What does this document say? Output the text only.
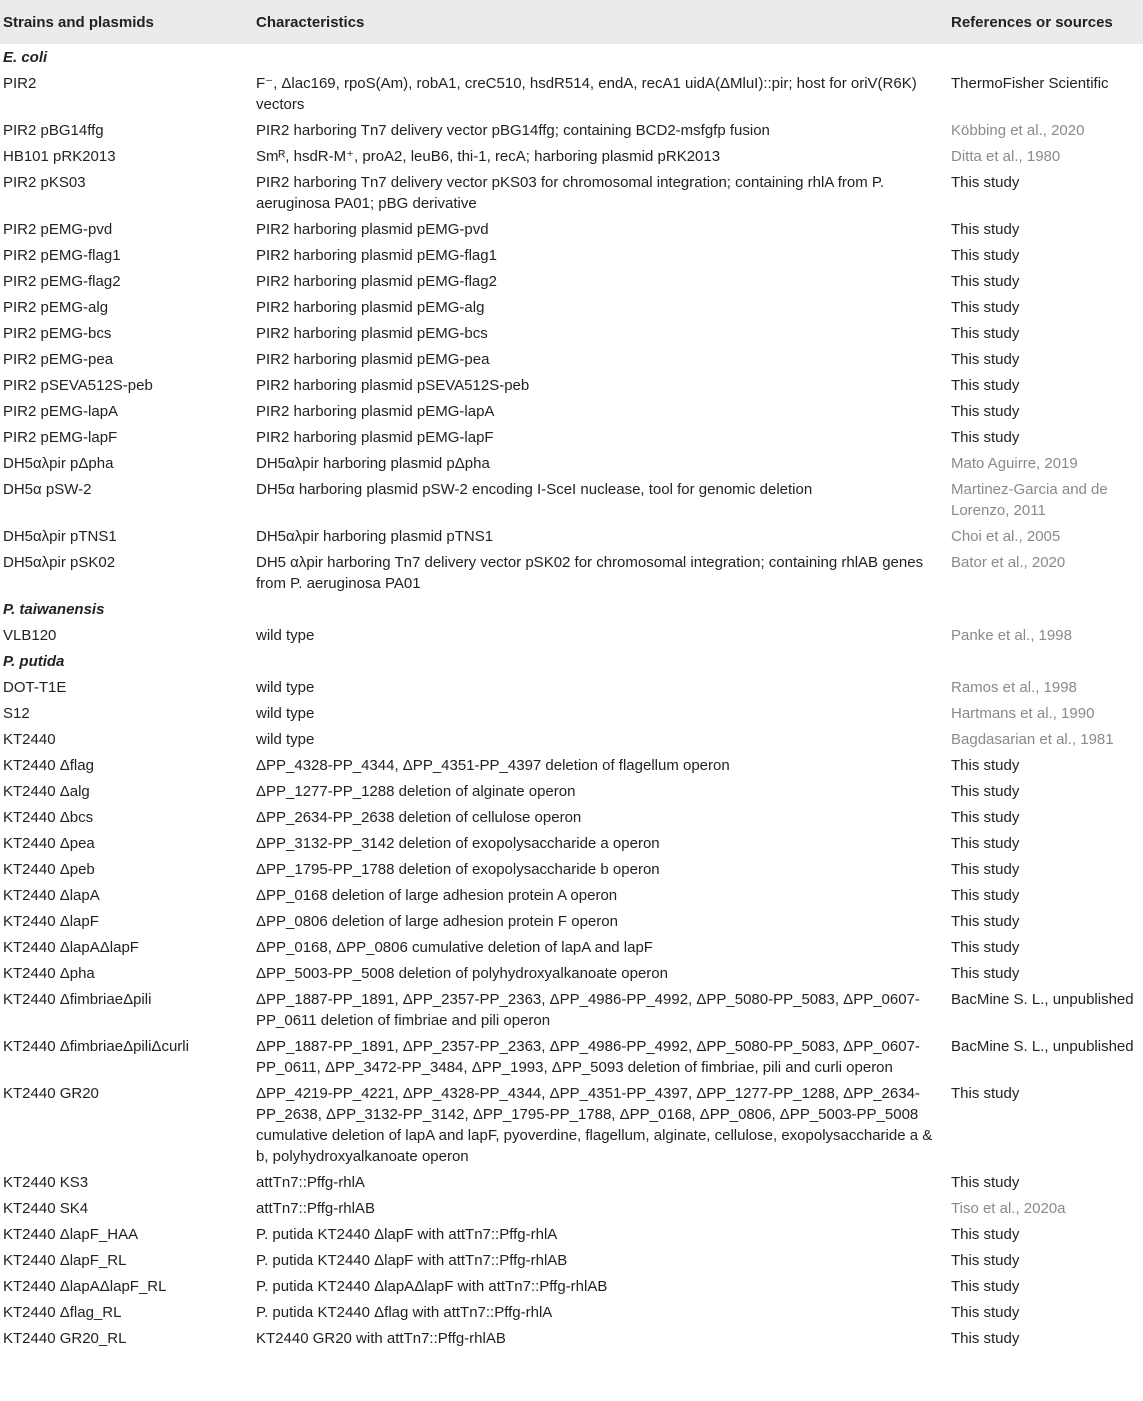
Strains and plasmids	Characteristics	References or sources
E. coli		
PIR2	F⁻, Δlac169, rpoS(Am), robA1, creC510, hsdR514, endA, recA1 uidA(ΔMluI)::pir; host for oriV(R6K) vectors	ThermoFisher Scientific
PIR2 pBG14ffg	PIR2 harboring Tn7 delivery vector pBG14ffg; containing BCD2-msfgfp fusion	Köbbing et al., 2020
HB101 pRK2013	Smᴿ, hsdR-M⁺, proA2, leuB6, thi-1, recA; harboring plasmid pRK2013	Ditta et al., 1980
PIR2 pKS03	PIR2 harboring Tn7 delivery vector pKS03 for chromosomal integration; containing rhlA from P. aeruginosa PA01; pBG derivative	This study
PIR2 pEMG-pvd	PIR2 harboring plasmid pEMG-pvd	This study
PIR2 pEMG-flag1	PIR2 harboring plasmid pEMG-flag1	This study
PIR2 pEMG-flag2	PIR2 harboring plasmid pEMG-flag2	This study
PIR2 pEMG-alg	PIR2 harboring plasmid pEMG-alg	This study
PIR2 pEMG-bcs	PIR2 harboring plasmid pEMG-bcs	This study
PIR2 pEMG-pea	PIR2 harboring plasmid pEMG-pea	This study
PIR2 pSEVA512S-peb	PIR2 harboring plasmid pSEVA512S-peb	This study
PIR2 pEMG-lapA	PIR2 harboring plasmid pEMG-lapA	This study
PIR2 pEMG-lapF	PIR2 harboring plasmid pEMG-lapF	This study
DH5αλpir pΔpha	DH5αλpir harboring plasmid pΔpha	Mato Aguirre, 2019
DH5α pSW-2	DH5α harboring plasmid pSW-2 encoding I-SceI nuclease, tool for genomic deletion	Martinez-Garcia and de Lorenzo, 2011
DH5αλpir pTNS1	DH5αλpir harboring plasmid pTNS1	Choi et al., 2005
DH5αλpir pSK02	DH5 αλpir harboring Tn7 delivery vector pSK02 for chromosomal integration; containing rhlAB genes from P. aeruginosa PA01	Bator et al., 2020
P. taiwanensis		
VLB120	wild type	Panke et al., 1998
P. putida		
DOT-T1E	wild type	Ramos et al., 1998
S12	wild type	Hartmans et al., 1990
KT2440	wild type	Bagdasarian et al., 1981
KT2440 Δflag	ΔPP_4328-PP_4344, ΔPP_4351-PP_4397 deletion of flagellum operon	This study
KT2440 Δalg	ΔPP_1277-PP_1288 deletion of alginate operon	This study
KT2440 Δbcs	ΔPP_2634-PP_2638 deletion of cellulose operon	This study
KT2440 Δpea	ΔPP_3132-PP_3142 deletion of exopolysaccharide a operon	This study
KT2440 Δpeb	ΔPP_1795-PP_1788 deletion of exopolysaccharide b operon	This study
KT2440 ΔlapA	ΔPP_0168 deletion of large adhesion protein A operon	This study
KT2440 ΔlapF	ΔPP_0806 deletion of large adhesion protein F operon	This study
KT2440 ΔlapAΔlapF	ΔPP_0168, ΔPP_0806 cumulative deletion of lapA and lapF	This study
KT2440 Δpha	ΔPP_5003-PP_5008 deletion of polyhydroxyalkanoate operon	This study
KT2440 ΔfimbriaeΔpili	ΔPP_1887-PP_1891, ΔPP_2357-PP_2363, ΔPP_4986-PP_4992, ΔPP_5080-PP_5083, ΔPP_0607-PP_0611 deletion of fimbriae and pili operon	BacMine S. L., unpublished
KT2440 ΔfimbriaeΔpiliΔcurli	ΔPP_1887-PP_1891, ΔPP_2357-PP_2363, ΔPP_4986-PP_4992, ΔPP_5080-PP_5083, ΔPP_0607-PP_0611, ΔPP_3472-PP_3484, ΔPP_1993, ΔPP_5093 deletion of fimbriae, pili and curli operon	BacMine S. L., unpublished
KT2440 GR20	ΔPP_4219-PP_4221, ΔPP_4328-PP_4344, ΔPP_4351-PP_4397, ΔPP_1277-PP_1288, ΔPP_2634-PP_2638, ΔPP_3132-PP_3142, ΔPP_1795-PP_1788, ΔPP_0168, ΔPP_0806, ΔPP_5003-PP_5008 cumulative deletion of lapA and lapF, pyoverdine, flagellum, alginate, cellulose, exopolysaccharide a & b, polyhydroxyalkanoate operon	This study
KT2440 KS3	attTn7::Pffg-rhlA	This study
KT2440 SK4	attTn7::Pffg-rhlAB	Tiso et al., 2020a
KT2440 ΔlapF_HAA	P. putida KT2440 ΔlapF with attTn7::Pffg-rhlA	This study
KT2440 ΔlapF_RL	P. putida KT2440 ΔlapF with attTn7::Pffg-rhlAB	This study
KT2440 ΔlapAΔlapF_RL	P. putida KT2440 ΔlapAΔlapF with attTn7::Pffg-rhlAB	This study
KT2440 Δflag_RL	P. putida KT2440 Δflag with attTn7::Pffg-rhlA	This study
KT2440 GR20_RL	KT2440 GR20 with attTn7::Pffg-rhlAB	This study
